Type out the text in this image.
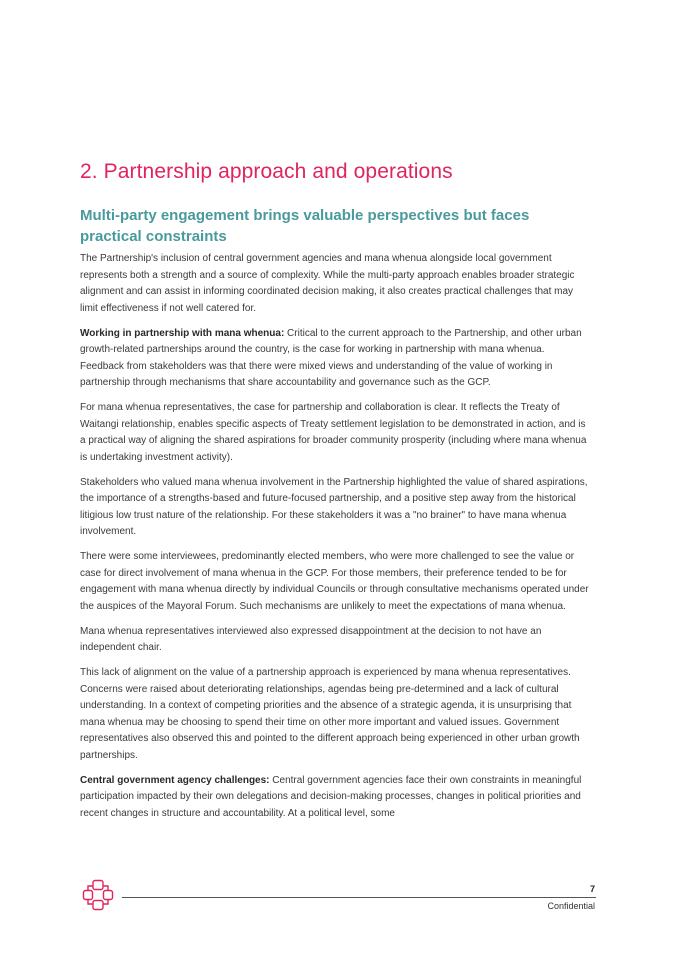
2. Partnership approach and operations
Multi-party engagement brings valuable perspectives but faces practical constraints

The Partnership's inclusion of central government agencies and mana whenua alongside local government represents both a strength and a source of complexity. While the multi-party approach enables broader strategic alignment and can assist in informing coordinated decision making, it also creates practical challenges that may limit effectiveness if not well catered for.

Working in partnership with mana whenua: Critical to the current approach to the Partnership, and other urban growth-related partnerships around the country, is the case for working in partnership with mana whenua. Feedback from stakeholders was that there were mixed views and understanding of the value of working in partnership through mechanisms that share accountability and governance such as the GCP.

For mana whenua representatives, the case for partnership and collaboration is clear. It reflects the Treaty of Waitangi relationship, enables specific aspects of Treaty settlement legislation to be demonstrated in action, and is a practical way of aligning the shared aspirations for broader community prosperity (including where mana whenua is undertaking investment activity).

Stakeholders who valued mana whenua involvement in the Partnership highlighted the value of shared aspirations, the importance of a strengths-based and future-focused partnership, and a positive step away from the historical litigious low trust nature of the relationship. For these stakeholders it was a "no brainer" to have mana whenua involvement.

There were some interviewees, predominantly elected members, who were more challenged to see the value or case for direct involvement of mana whenua in the GCP. For those members, their preference tended to be for engagement with mana whenua directly by individual Councils or through consultative mechanisms operated under the auspices of the Mayoral Forum. Such mechanisms are unlikely to meet the expectations of mana whenua.

Mana whenua representatives interviewed also expressed disappointment at the decision to not have an independent chair.

This lack of alignment on the value of a partnership approach is experienced by mana whenua representatives. Concerns were raised about deteriorating relationships, agendas being pre-determined and a lack of cultural understanding. In a context of competing priorities and the absence of a strategic agenda, it is unsurprising that mana whenua may be choosing to spend their time on other more important and valued issues. Government representatives also observed this and pointed to the different approach being experienced in other urban growth partnerships.

Central government agency challenges: Central government agencies face their own constraints in meaningful participation impacted by their own delegations and decision-making processes, changes in political priorities and recent changes in structure and accountability. At a political level, some

7
Confidential
